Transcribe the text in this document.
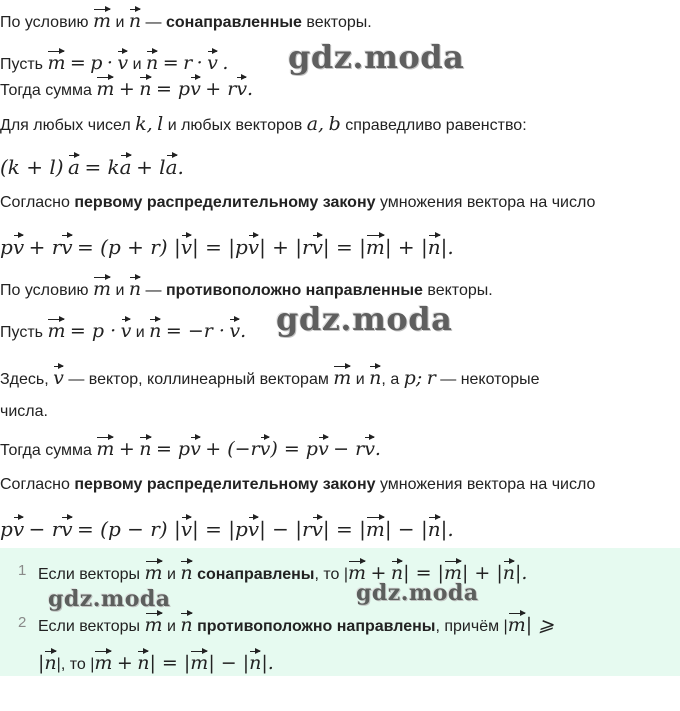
По условию m и n — сонаправленные векторы.
Пусть m = p · v и n = r · v .
Тогда сумма m + n = pv + rv.
Для любых чисел k, l и любых векторов a, b справедливо равенство:
(k + l) a = ka + la.
Согласно первому распределительному закону умножения вектора на число
pv + rv = (p + r) |v| = |pv| + |rv| = |m| + |n|.
По условию m и n — противоположно направленные векторы.
Пусть m = p · v и n = −r · v.
Здесь, v — вектор, коллинеарный векторам m и n, а p; r — некоторые
числа.
Тогда сумма m + n = pv + (−rv) = pv − rv.
Согласно первому распределительному закону умножения вектора на число
pv − rv = (p − r) |v| = |pv| − |rv| = |m| − |n|.
1 Если векторы m и n сонаправлены, то |m + n| = |m| + |n|.
2 Если векторы m и n противоположно направлены, причём |m| ⩾
|n|, то |m + n| = |m| − |n|.
gdz.moda
gdz.moda
gdz.moda	gdz.moda
